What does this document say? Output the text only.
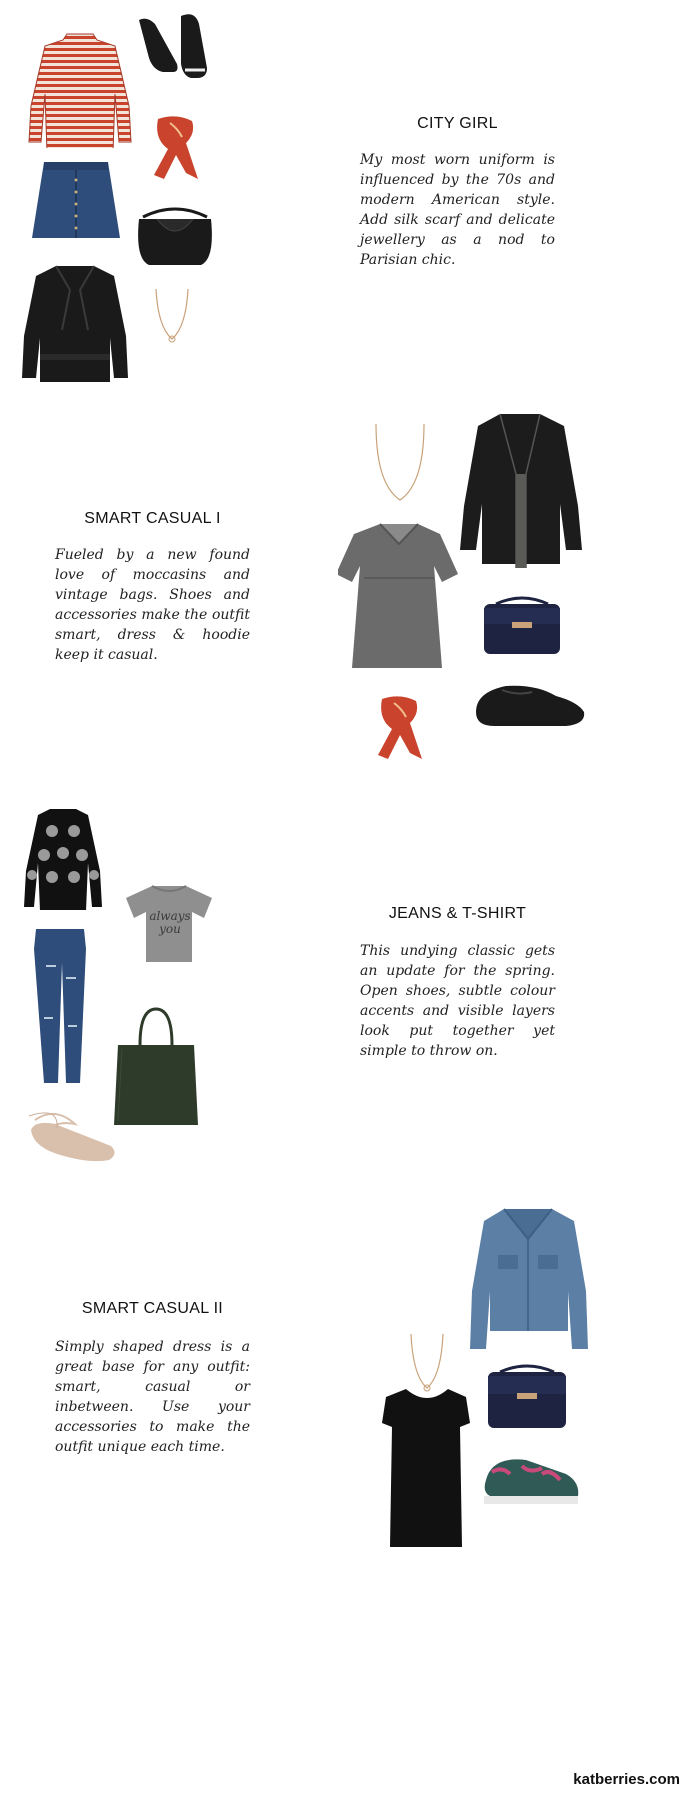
CITY GIRL
My most worn uniform is influenced by the 70s and modern American style. Add silk scarf and delicate jewellery as a nod to Parisian chic.
SMART CASUAL I
Fueled by a new found love of moccasins and vintage bags. Shoes and accessories make the outfit smart, dress & hoodie keep it casual.
always you
JEANS & T-SHIRT
This undying classic gets an update for the spring. Open shoes, subtle colour accents and visible layers look put together yet simple to throw on.
SMART CASUAL II
Simply shaped dress is a great base for any outfit: smart, casual or inbetween. Use your accessories to make the outfit unique each time.
katberries.com
